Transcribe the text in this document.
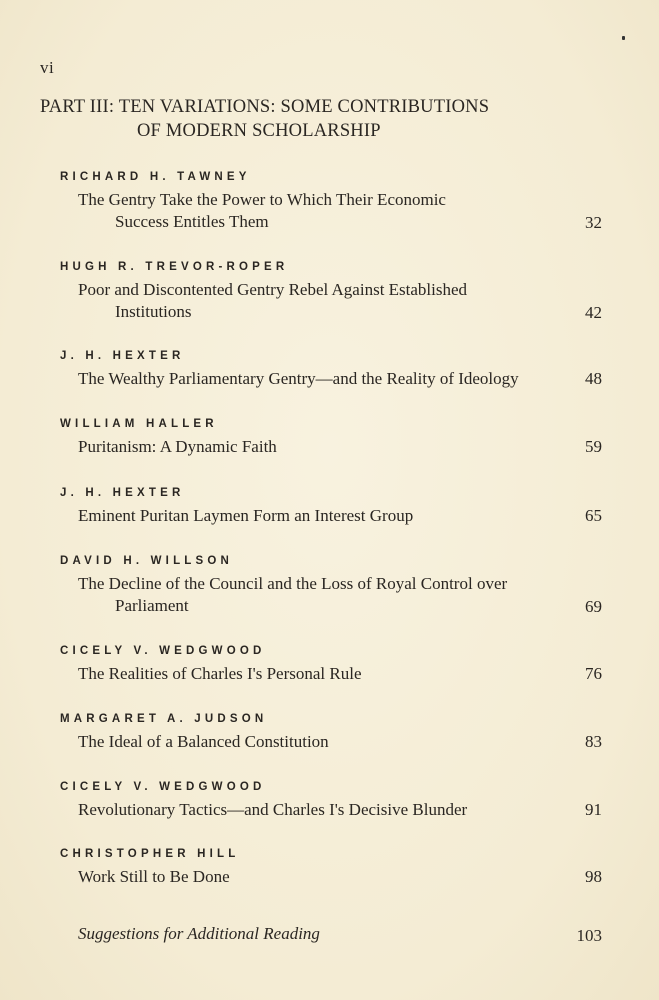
vi
PART III: TEN VARIATIONS: SOME CONTRIBUTIONS
OF MODERN SCHOLARSHIP
RICHARD H. TAWNEY
The Gentry Take the Power to Which Their Economic
Success Entitles Them	32
HUGH R. TREVOR-ROPER
Poor and Discontented Gentry Rebel Against Established
Institutions	42
J. H. HEXTER
The Wealthy Parliamentary Gentry—and the Reality of Ideology	48
WILLIAM HALLER
Puritanism: A Dynamic Faith	59
J. H. HEXTER
Eminent Puritan Laymen Form an Interest Group	65
DAVID H. WILLSON
The Decline of the Council and the Loss of Royal Control over
Parliament	69
CICELY V. WEDGWOOD
The Realities of Charles I's Personal Rule	76
MARGARET A. JUDSON
The Ideal of a Balanced Constitution	83
CICELY V. WEDGWOOD
Revolutionary Tactics—and Charles I's Decisive Blunder	91
CHRISTOPHER HILL
Work Still to Be Done	98
Suggestions for Additional Reading	103
